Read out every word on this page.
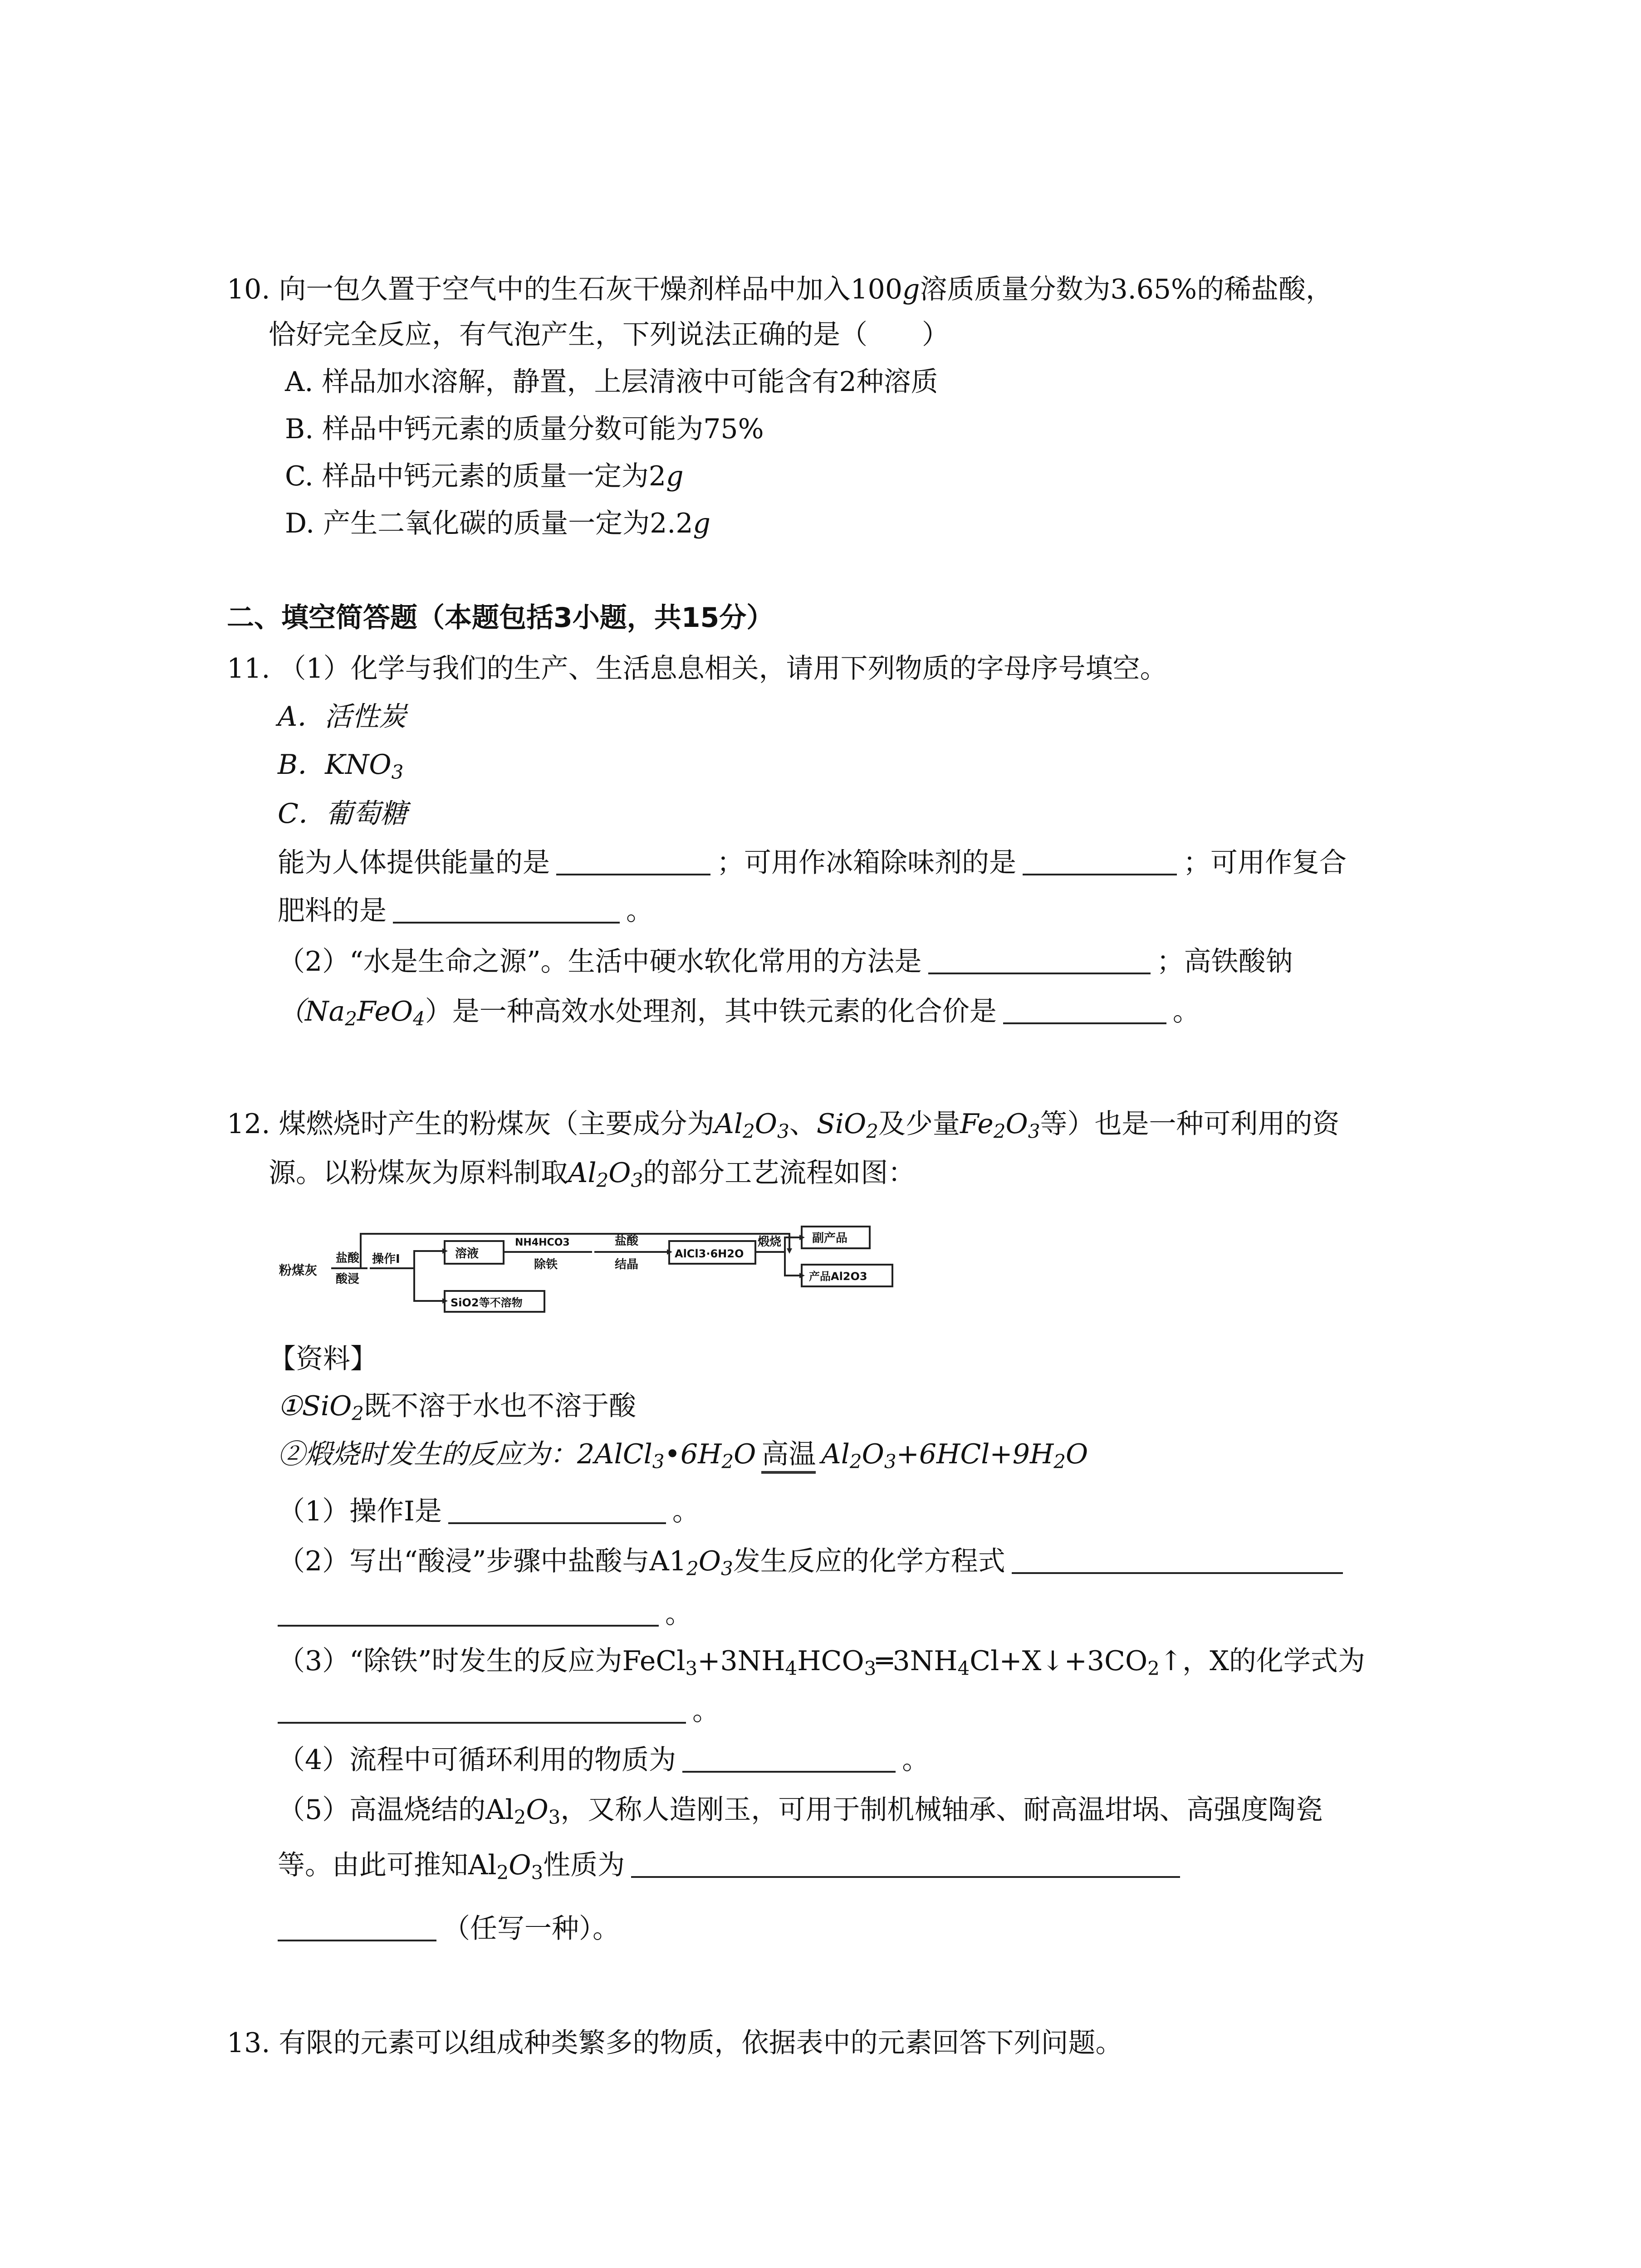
10. 向一包久置于空气中的生石灰干燥剂样品中加入100g溶质质量分数为3.65%的稀盐酸，
恰好完全反应，有气泡产生，下列说法正确的是（　　）
A. 样品加水溶解，静置，上层清液中可能含有2种溶质
B. 样品中钙元素的质量分数可能为75%
C. 样品中钙元素的质量一定为2g
D. 产生二氧化碳的质量一定为2.2g
二、填空简答题（本题包括3小题，共15分）
11. （1）化学与我们的生产、生活息息相关，请用下列物质的字母序号填空。
A．活性炭
B．$KNO_3$
C．葡萄糖
能为人体提供能量的是	；可用作冰箱除味剂的是	；可用作复合
肥料的是	。
（2）“水是生命之源”。生活中硬水软化常用的方法是	；高铁酸钠
$(Na_2FeO_4)$是一种高效水处理剂，其中铁元素的化合价是	。
12. 煤燃烧时产生的粉煤灰（主要成分为$Al_2O_3$、SiO$_2$及少量$Fe_2O_3$等）也是一种可利用的资
源。以粉煤灰为原料制取$Al_2O_3$的部分工艺流程如图：
粉煤灰
盐酸
酸浸
操作Ⅰ	溶液
NH4HCO3
除铁
盐酸
结晶
AlCl3·6H2O
煅烧	副产品
产品Al2O3
SiO2等不溶物
【资料】
①SiO$_2$既不溶于水也不溶于酸
②煅烧时发生的反应为：$2AlCl_3•6H_2O$ 高温 $Al_2O_3+6HCl+9H_2O$
（1）操作Ⅰ是	。
（2）写出“酸浸”步骤中盐酸与$A1_2O_3$发生反应的化学方程式
。
（3）“除铁”时发生的反应为$FeCl_3+3NH_4HCO_3═3NH_4Cl+X↓+3CO_2↑$，X的化学式为
。
（4）流程中可循环利用的物质为	。
（5）高温烧结的$Al_2O_3$，又称人造刚玉，可用于制机械轴承、耐高温坩埚、高强度陶瓷
等。由此可推知$Al_2O_3$性质为
（任写一种）。
13. 有限的元素可以组成种类繁多的物质，依据表中的元素回答下列问题。
